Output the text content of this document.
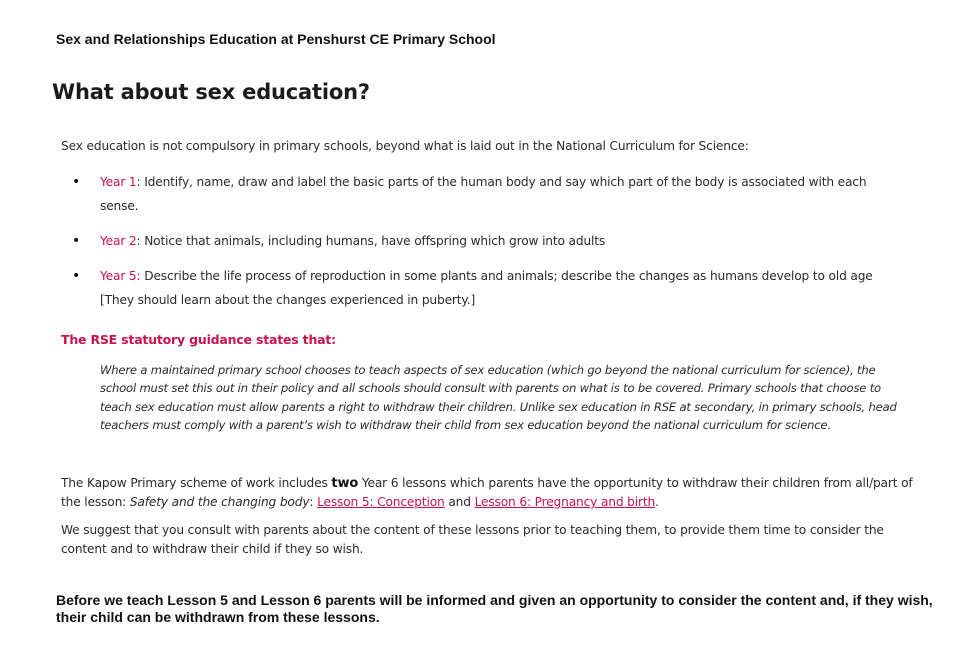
Sex and Relationships Education at Penshurst CE Primary School
What about sex education?
Sex education is not compulsory in primary schools, beyond what is laid out in the National Curriculum for Science:
• Year 1: Identify, name, draw and label the basic parts of the human body and say which part of the body is associated with each sense.
• Year 2: Notice that animals, including humans, have offspring which grow into adults
• Year 5: Describe the life process of reproduction in some plants and animals; describe the changes as humans develop to old age [They should learn about the changes experienced in puberty.]
The RSE statutory guidance states that:
Where a maintained primary school chooses to teach aspects of sex education (which go beyond the national curriculum for science), the school must set this out in their policy and all schools should consult with parents on what is to be covered. Primary schools that choose to teach sex education must allow parents a right to withdraw their children. Unlike sex education in RSE at secondary, in primary schools, head teachers must comply with a parent’s wish to withdraw their child from sex education beyond the national curriculum for science.
The Kapow Primary scheme of work includes two Year 6 lessons which parents have the opportunity to withdraw their children from all/part of the lesson: Safety and the changing body: Lesson 5: Conception and Lesson 6: Pregnancy and birth.
We suggest that you consult with parents about the content of these lessons prior to teaching them, to provide them time to consider the content and to withdraw their child if they so wish.
Before we teach Lesson 5 and Lesson 6 parents will be informed and given an opportunity to consider the content and, if they wish, their child can be withdrawn from these lessons.
